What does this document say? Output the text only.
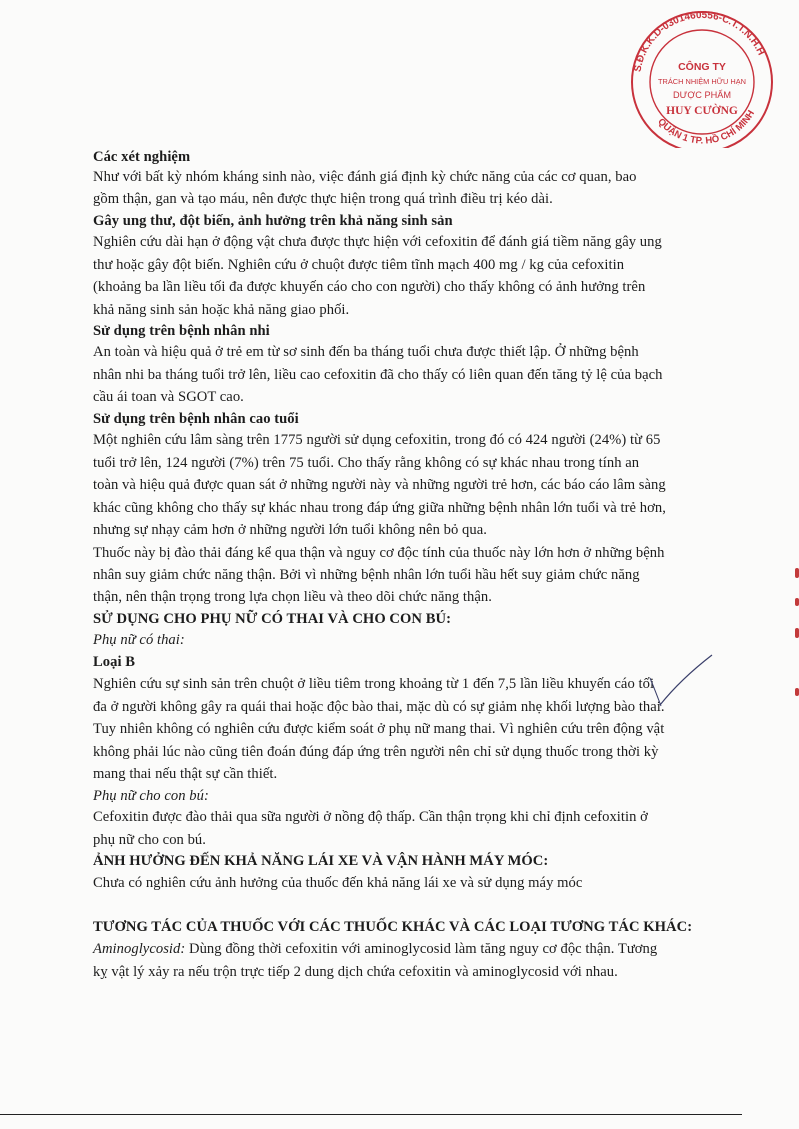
S.Đ.K.K.D-0301460556-C.T.T.N.H.H
QUẬN 1 TP. HỒ CHÍ MINH
CÔNG TY
TRÁCH NHIỆM HỮU HẠN
DƯỢC PHẨM
HUY CƯỜNG
Các xét nghiệm
Như với bất kỳ nhóm kháng sinh nào, việc đánh giá định kỳ chức năng của các cơ quan, bao
gồm thận, gan và tạo máu, nên được thực hiện trong quá trình điều trị kéo dài.
Gây ung thư, đột biến, ảnh hưởng trên khả năng sinh sản
Nghiên cứu dài hạn ở động vật chưa được thực hiện với cefoxitin để đánh giá tiềm năng gây ung
thư hoặc gây đột biến. Nghiên cứu ở chuột được tiêm tĩnh mạch 400 mg / kg của cefoxitin
(khoảng ba lần liều tối đa được khuyến cáo cho con người) cho thấy không có ảnh hưởng trên
khả năng sinh sản hoặc khả năng giao phối.
Sử dụng trên bệnh nhân nhi
An toàn và hiệu quả ở trẻ em từ sơ sinh đến ba tháng tuổi chưa được thiết lập. Ở những bệnh
nhân nhi ba tháng tuổi trở lên, liều cao cefoxitin đã cho thấy có liên quan đến tăng tỷ lệ của bạch
cầu ái toan và SGOT cao.
Sử dụng trên bệnh nhân cao tuổi
Một nghiên cứu lâm sàng trên 1775 người sử dụng cefoxitin, trong đó có 424 người (24%) từ 65
tuổi trở lên, 124 người (7%) trên 75 tuổi. Cho thấy rằng không có sự khác nhau trong tính an
toàn và hiệu quả được quan sát ở những người này và những người trẻ hơn, các báo cáo lâm sàng
khác cũng không cho thấy sự khác nhau trong đáp ứng giữa những bệnh nhân lớn tuổi và trẻ hơn,
nhưng sự nhạy cảm hơn ở những người lớn tuổi không nên bỏ qua.
Thuốc này bị đào thải đáng kể qua thận và nguy cơ độc tính của thuốc này lớn hơn ở những bệnh
nhân suy giảm chức năng thận. Bởi vì những bệnh nhân lớn tuổi hầu hết suy giảm chức năng
thận, nên thận trọng trong lựa chọn liều và theo dõi chức năng thận.
SỬ DỤNG CHO PHỤ NỮ CÓ THAI VÀ CHO CON BÚ:
Phụ nữ có thai:
Loại B
Nghiên cứu sự sinh sản trên chuột ở liều tiêm trong khoảng từ 1 đến 7,5 lần liều khuyến cáo tối
đa ở người không gây ra quái thai hoặc độc bào thai, mặc dù có sự giảm nhẹ khối lượng bào thai.
Tuy nhiên không có nghiên cứu được kiểm soát ở phụ nữ mang thai. Vì nghiên cứu trên động vật
không phải lúc nào cũng tiên đoán đúng đáp ứng trên người nên chỉ sử dụng thuốc trong thời kỳ
mang thai nếu thật sự cần thiết.
Phụ nữ cho con bú:
Cefoxitin được đào thải qua sữa người ở nồng độ thấp. Cần thận trọng khi chỉ định cefoxitin ở
phụ nữ cho con bú.
ẢNH HƯỞNG ĐẾN KHẢ NĂNG LÁI XE VÀ VẬN HÀNH MÁY MÓC:
Chưa có nghiên cứu ảnh hưởng của thuốc đến khả năng lái xe và sử dụng máy móc
TƯƠNG TÁC CỦA THUỐC VỚI CÁC THUỐC KHÁC VÀ CÁC LOẠI TƯƠNG TÁC KHÁC:
Aminoglycosid: Dùng đồng thời cefoxitin với aminoglycosid làm tăng nguy cơ độc thận. Tương
kỵ vật lý xảy ra nếu trộn trực tiếp 2 dung dịch chứa cefoxitin và aminoglycosid với nhau.
